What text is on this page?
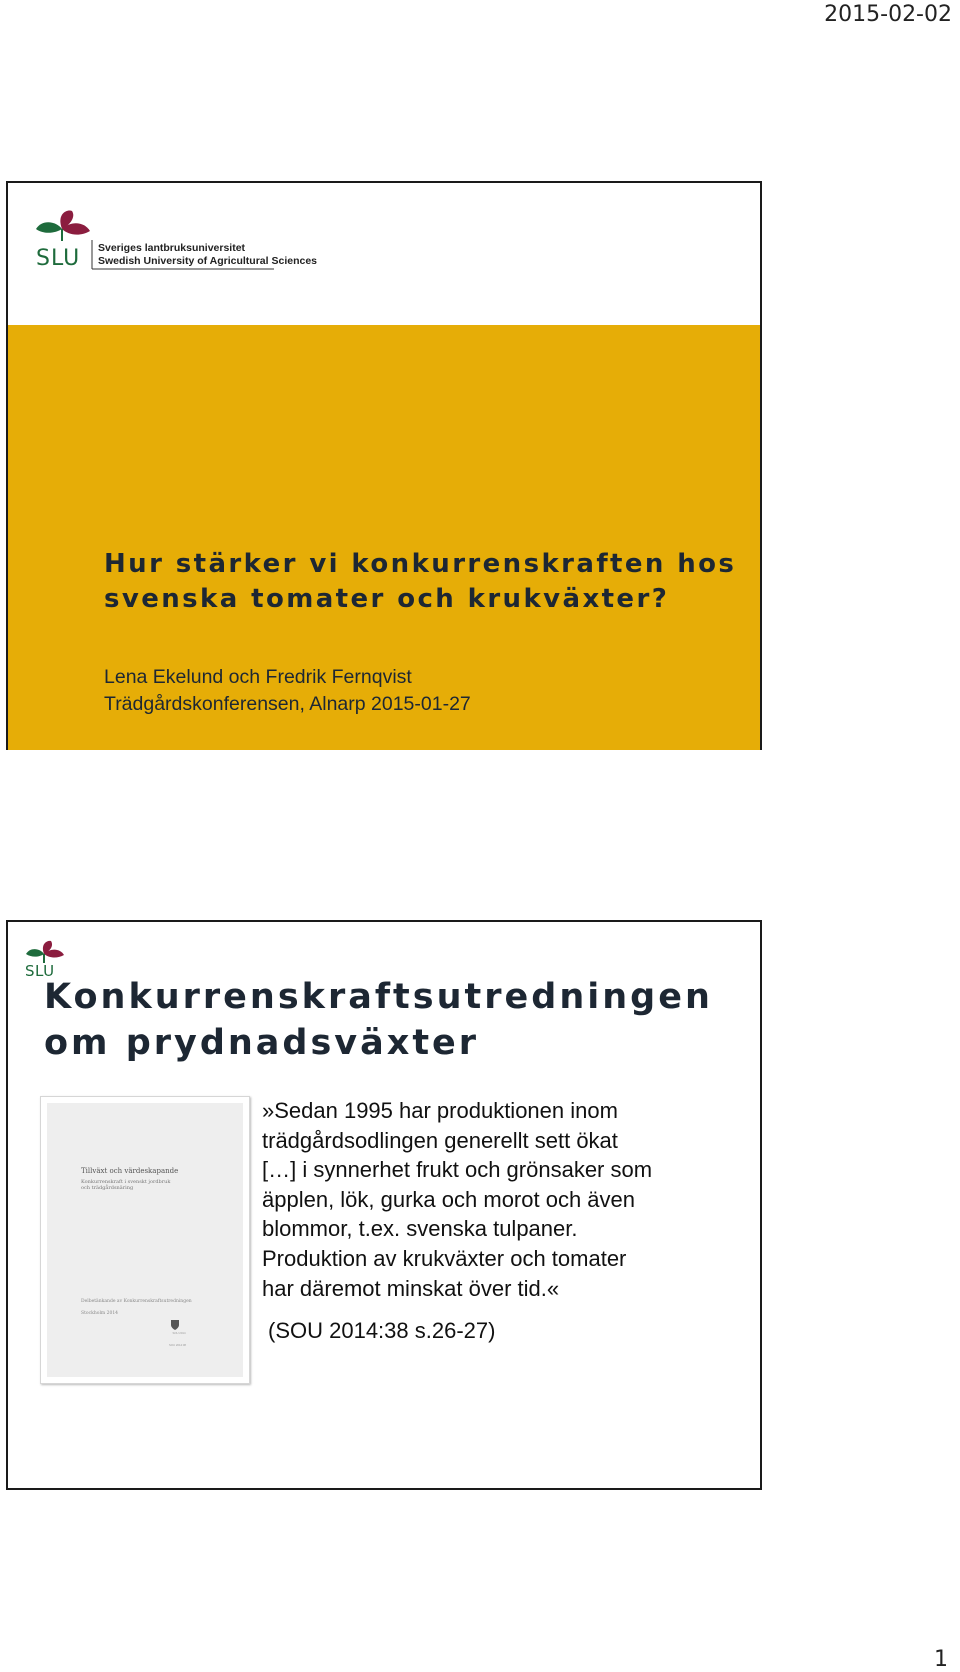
2015-02-02
SLU Sveriges lantbruksuniversitet
Swedish University of Agricultural Sciences
Hur stärker vi konkurrenskraften hos
svenska tomater och krukväxter?
Lena Ekelund och Fredrik Fernqvist
Trädgårdskonferensen, Alnarp 2015-01-27
SLU
Konkurrenskraftsutredningen
om prydnadsväxter
Tillväxt och värdeskapande
Konkurrenskraft i svenskt jordbruk och trädgårdsnäring
Delbetänkande av Konkurrenskraftsutredningen
Stockholm 2014
SOU 2014
SOU 2014:38
»Sedan 1995 har produktionen inom
trädgårdsodlingen generellt sett ökat
[…] i synnerhet frukt och grönsaker som
äpplen, lök, gurka och morot och även
blommor, t.ex. svenska tulpaner.
Produktion av krukväxter och tomater
har däremot minskat över tid.«
(SOU 2014:38 s.26-27)
1
